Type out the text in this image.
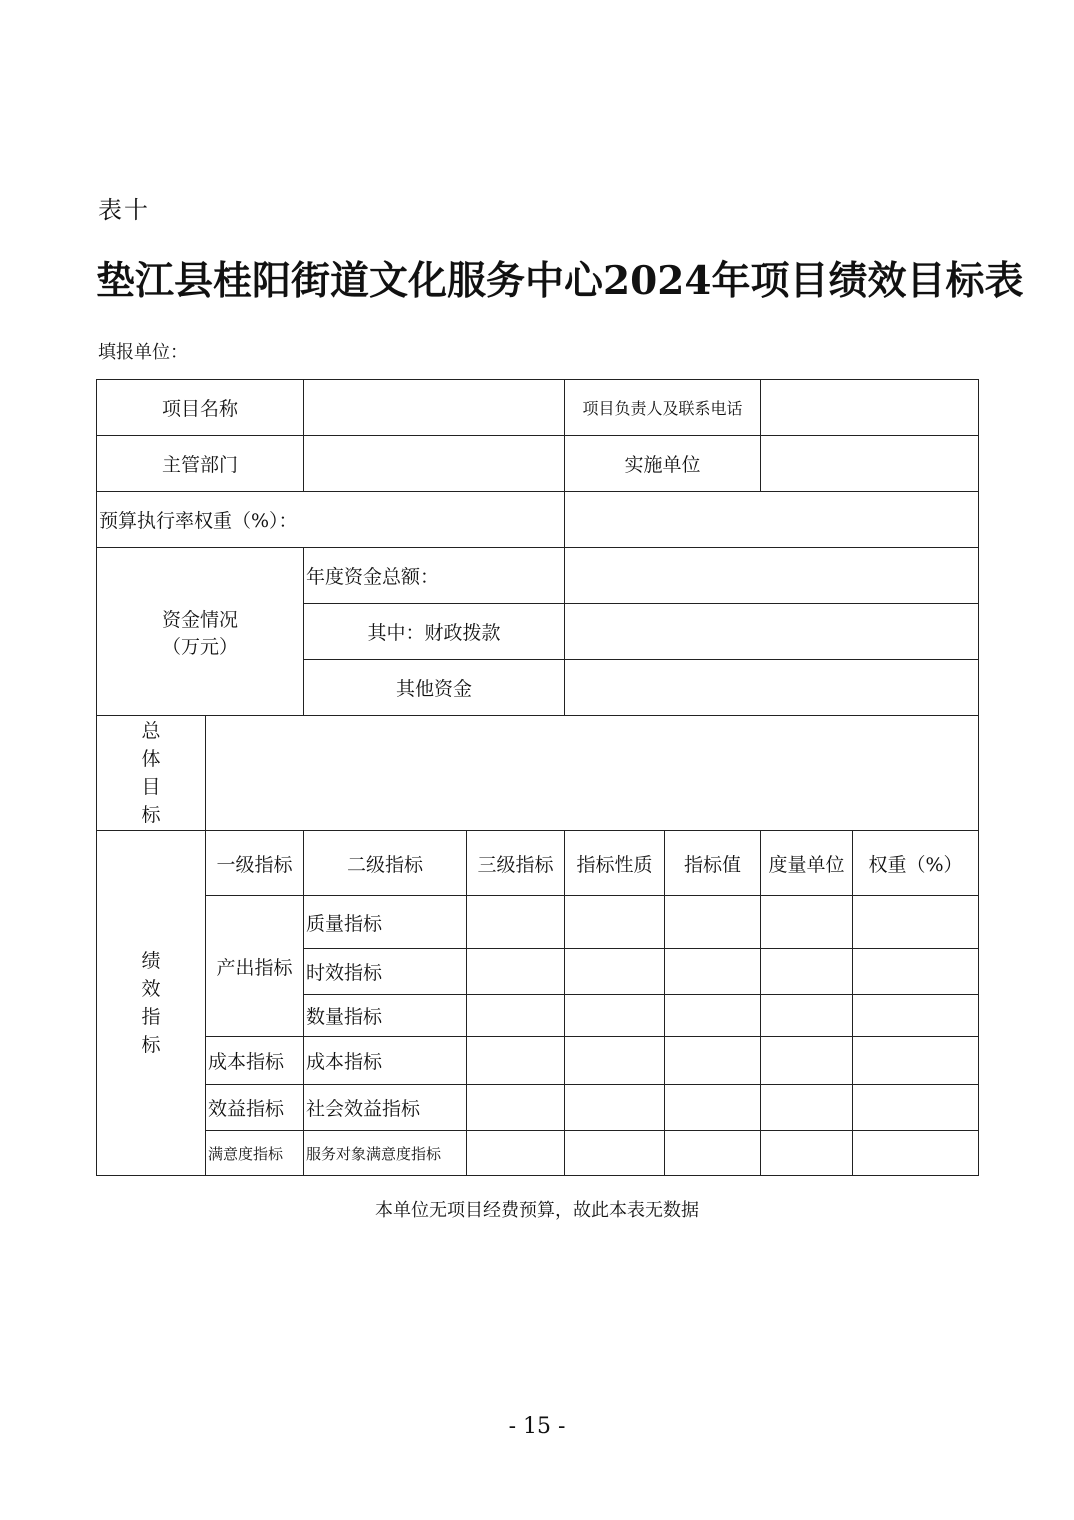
表十
垫江县桂阳街道文化服务中心2024年项目绩效目标表
填报单位：
项目名称				项目负责人及联系电话			
主管部门				实施单位			
预算执行率权重（%）：							

资金情况
（万元）		年度资金总额：					
		其中：财政拨款					
		其他资金					

总
体
目
标							

绩
效
指
标	一级指标	二级指标	三级指标	指标性质	指标值	度量单位	权重（%）
	产出指标	质量指标					
		时效指标					
		数量指标					
	成本指标	成本指标					
	效益指标	社会效益指标					
	满意度指标	服务对象满意度指标					
本单位无项目经费预算，故此本表无数据
- 15 -
